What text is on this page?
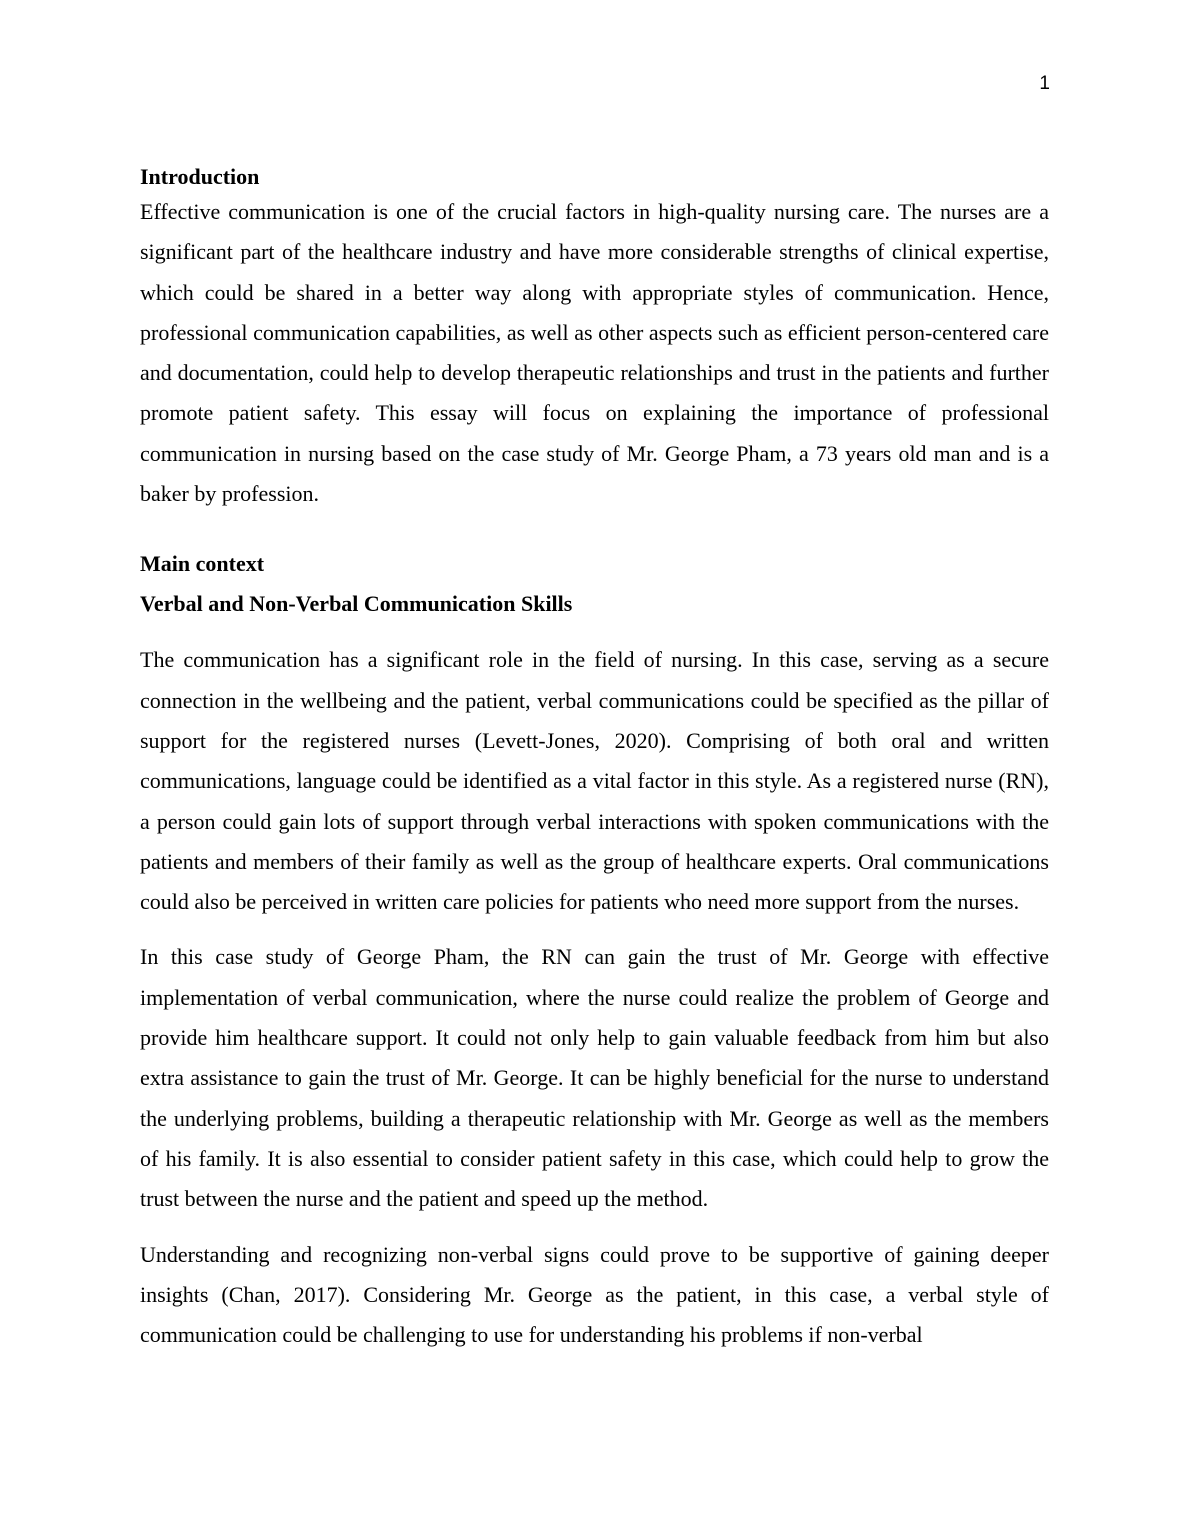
1
Introduction

Effective communication is one of the crucial factors in high-quality nursing care. The nurses are a significant part of the healthcare industry and have more considerable strengths of clinical expertise, which could be shared in a better way along with appropriate styles of communication. Hence, professional communication capabilities, as well as other aspects such as efficient person-centered care and documentation, could help to develop therapeutic relationships and trust in the patients and further promote patient safety. This essay will focus on explaining the importance of professional communication in nursing based on the case study of Mr. George Pham, a 73 years old man and is a baker by profession.

Main context
Verbal and Non-Verbal Communication Skills

The communication has a significant role in the field of nursing. In this case, serving as a secure connection in the wellbeing and the patient, verbal communications could be specified as the pillar of support for the registered nurses (Levett-Jones, 2020). Comprising of both oral and written communications, language could be identified as a vital factor in this style. As a registered nurse (RN), a person could gain lots of support through verbal interactions with spoken communications with the patients and members of their family as well as the group of healthcare experts. Oral communications could also be perceived in written care policies for patients who need more support from the nurses.

In this case study of George Pham, the RN can gain the trust of Mr. George with effective implementation of verbal communication, where the nurse could realize the problem of George and provide him healthcare support. It could not only help to gain valuable feedback from him but also extra assistance to gain the trust of Mr. George. It can be highly beneficial for the nurse to understand the underlying problems, building a therapeutic relationship with Mr. George as well as the members of his family. It is also essential to consider patient safety in this case, which could help to grow the trust between the nurse and the patient and speed up the method.

Understanding and recognizing non-verbal signs could prove to be supportive of gaining deeper insights (Chan, 2017). Considering Mr. George as the patient, in this case, a verbal style of communication could be challenging to use for understanding his problems if non-verbal
